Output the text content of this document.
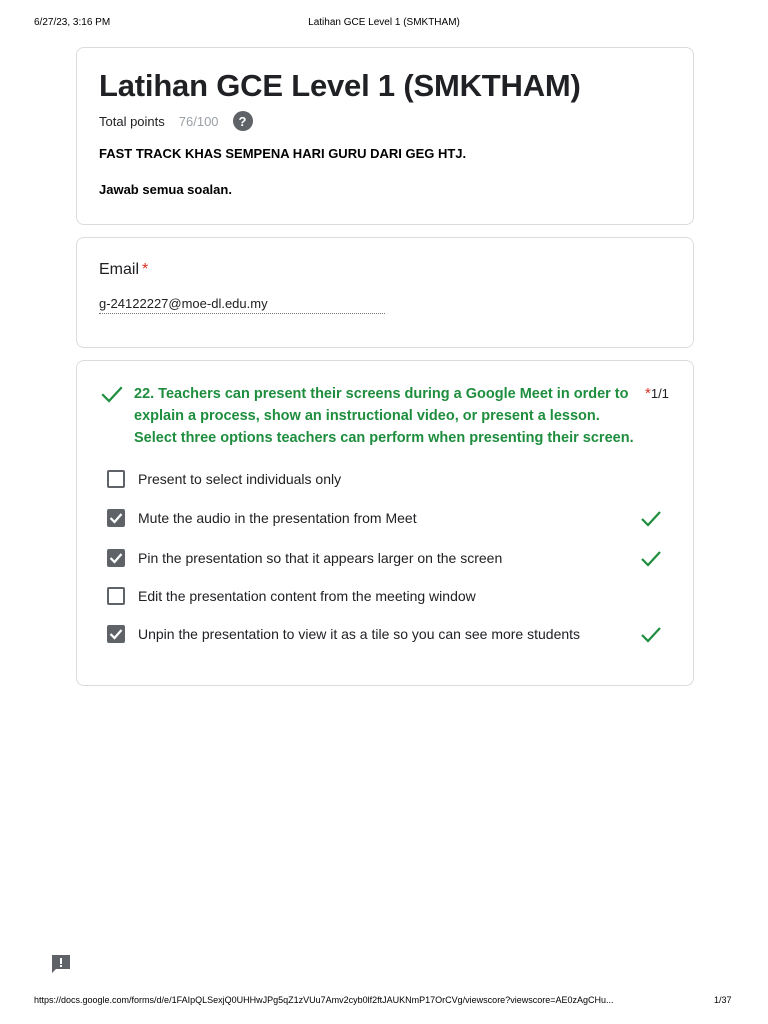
6/27/23, 3:16 PM	Latihan GCE Level 1 (SMKTHAM)
Latihan GCE Level 1 (SMKTHAM)
Total points 76/100	?
FAST TRACK KHAS SEMPENA HARI GURU DARI GEG HTJ.
Jawab semua soalan.
Email *
g-24122227@moe-dl.edu.my
22. Teachers can present their screens during a Google Meet in order to
explain a process, show an instructional video, or present a lesson.
Select three options teachers can perform when presenting their screen.
*1/1
Present to select individuals only
Mute the audio in the presentation from Meet
Pin the presentation so that it appears larger on the screen
Edit the presentation content from the meeting window
Unpin the presentation to view it as a tile so you can see more students
https://docs.google.com/forms/d/e/1FAIpQLSexjQ0UHHwJPg5qZ1zVUu7Amv2cyb0lf2ftJAUKNmP17OrCVg/viewscore?viewscore=AE0zAgCHu...	1/37
